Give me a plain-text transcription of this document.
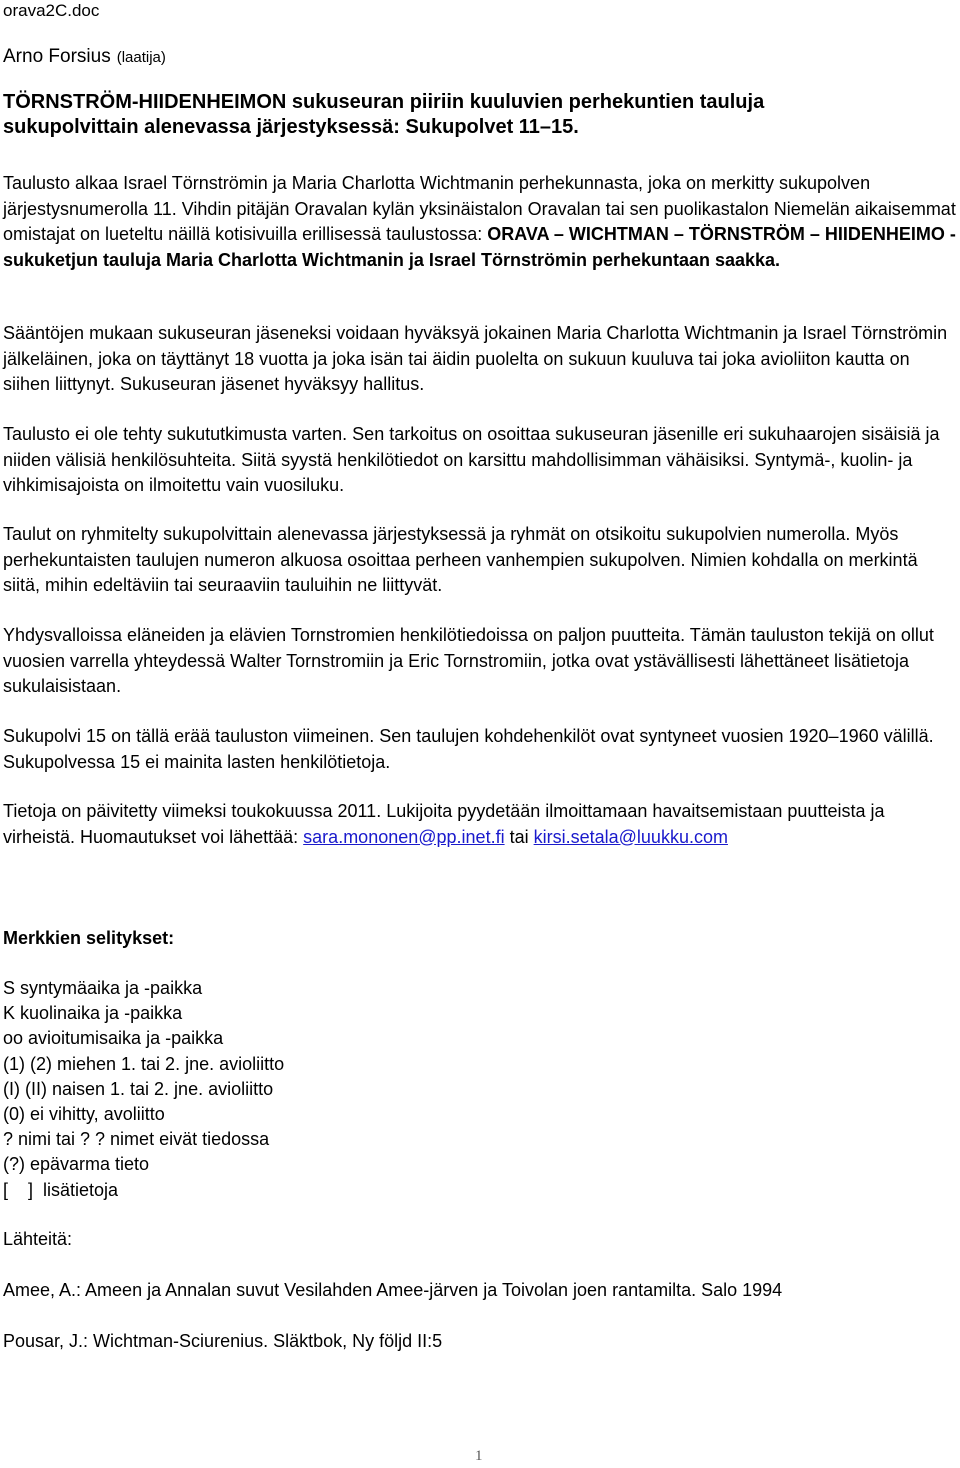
orava2C.doc
Arno Forsius (laatija)
TÖRNSTRÖM-HIIDENHEIMON sukuseuran piiriin kuuluvien perhekuntien tauluja
sukupolvittain alenevassa järjestyksessä: Sukupolvet 11–15.

Taulusto alkaa Israel Törnströmin ja Maria Charlotta Wichtmanin perhekunnasta, joka on merkitty sukupolven järjestysnumerolla 11. Vihdin pitäjän Oravalan kylän yksinäistalon Oravalan tai sen puolikastalon Niemelän aikaisemmat omistajat on lueteltu näillä kotisivuilla erillisessä taulustossa: ORAVA – WICHTMAN – TÖRNSTRÖM – HIIDENHEIMO -sukuketjun tauluja Maria Charlotta Wichtmanin ja Israel Törnströmin perhekuntaan saakka.

Sääntöjen mukaan sukuseuran jäseneksi voidaan hyväksyä jokainen Maria Charlotta Wichtmanin ja Israel Törnströmin jälkeläinen, joka on täyttänyt 18 vuotta ja joka isän tai äidin puolelta on sukuun kuuluva tai joka avioliiton kautta on siihen liittynyt. Sukuseuran jäsenet hyväksyy hallitus.

Taulusto ei ole tehty sukututkimusta varten. Sen tarkoitus on osoittaa sukuseuran jäsenille eri sukuhaarojen sisäisiä ja niiden välisiä henkilösuhteita. Siitä syystä henkilötiedot on karsittu mahdollisimman vähäisiksi. Syntymä-, kuolin- ja vihkimisajoista on ilmoitettu vain vuosiluku.

Taulut on ryhmitelty sukupolvittain alenevassa järjestyksessä ja ryhmät on otsikoitu sukupolvien numerolla. Myös perhekuntaisten taulujen numeron alkuosa osoittaa perheen vanhempien sukupolven. Nimien kohdalla on merkintä siitä, mihin edeltäviin tai seuraaviin tauluihin ne liittyvät.

Yhdysvalloissa eläneiden ja elävien Tornstromien henkilötiedoissa on paljon puutteita. Tämän tauluston tekijä on ollut vuosien varrella yhteydessä Walter Tornstromiin ja Eric Tornstromiin, jotka ovat ystävällisesti lähettäneet lisätietoja sukulaisistaan.

Sukupolvi 15 on tällä erää tauluston viimeinen. Sen taulujen kohdehenkilöt ovat syntyneet vuosien 1920–1960 välillä. Sukupolvessa 15 ei mainita lasten henkilötietoja.

Tietoja on päivitetty viimeksi toukokuussa 2011. Lukijoita pyydetään ilmoittamaan havaitsemistaan puutteista ja virheistä. Huomautukset voi lähettää: sara.mononen@pp.inet.fi tai kirsi.setala@luukku.com

Merkkien selitykset:
S syntymäaika ja -paikka
K kuolinaika ja -paikka
oo avioitumisaika ja -paikka
(1) (2) miehen 1. tai 2. jne. avioliitto
(I) (II) naisen 1. tai 2. jne. avioliitto
(0) ei vihitty, avoliitto
? nimi tai ? ? nimet eivät tiedossa
(?) epävarma tieto
[    ]  lisätietoja
Lähteitä:
Amee, A.: Ameen ja Annalan suvut Vesilahden Amee-järven ja Toivolan joen rantamilta. Salo 1994
Pousar, J.: Wichtman-Sciurenius. Släktbok, Ny följd II:5
1
